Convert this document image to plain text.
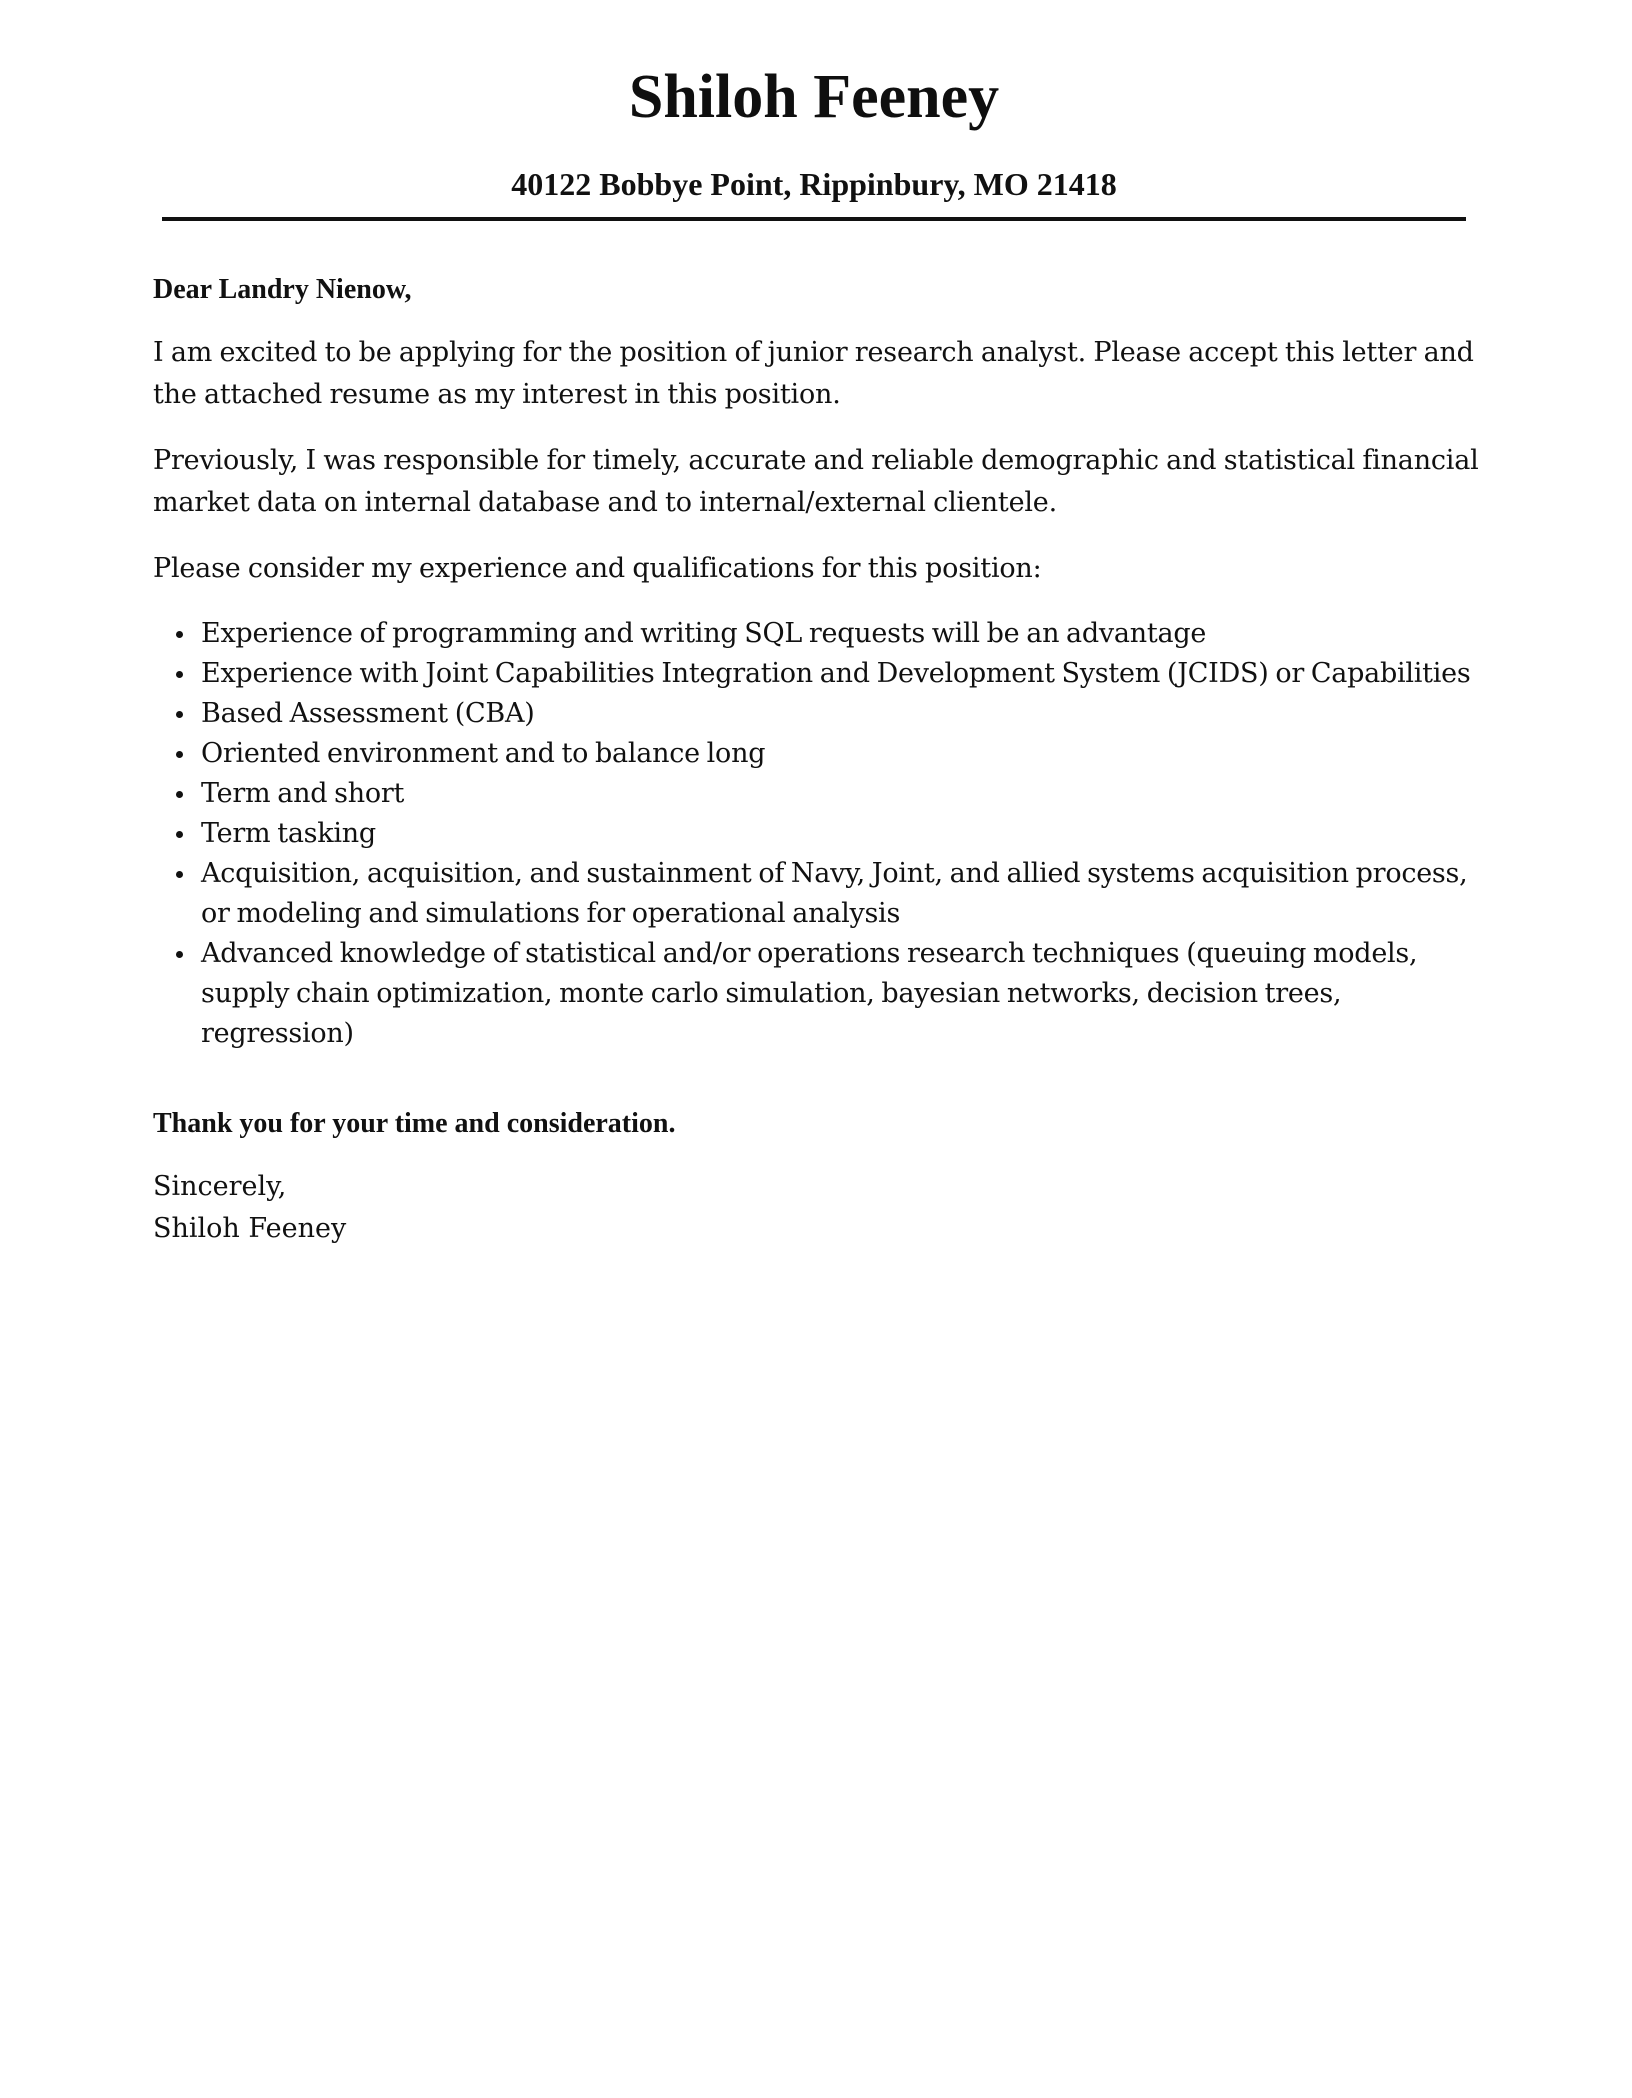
Shiloh Feeney
40122 Bobbye Point, Rippinbury, MO 21418

Dear Landry Nienow,

I am excited to be applying for the position of junior research analyst. Please accept this letter and the attached resume as my interest in this position.

Previously, I was responsible for timely, accurate and reliable demographic and statistical financial market data on internal database and to internal/external clientele.

Please consider my experience and qualifications for this position:

Experience of programming and writing SQL requests will be an advantage
Experience with Joint Capabilities Integration and Development System (JCIDS) or Capabilities
Based Assessment (CBA)
Oriented environment and to balance long
Term and short
Term tasking
Acquisition, acquisition, and sustainment of Navy, Joint, and allied systems acquisition process, or modeling and simulations for operational analysis
Advanced knowledge of statistical and/or operations research techniques (queuing models, supply chain optimization, monte carlo simulation, bayesian networks, decision trees, regression)

Thank you for your time and consideration.

Sincerely,
Shiloh Feeney
